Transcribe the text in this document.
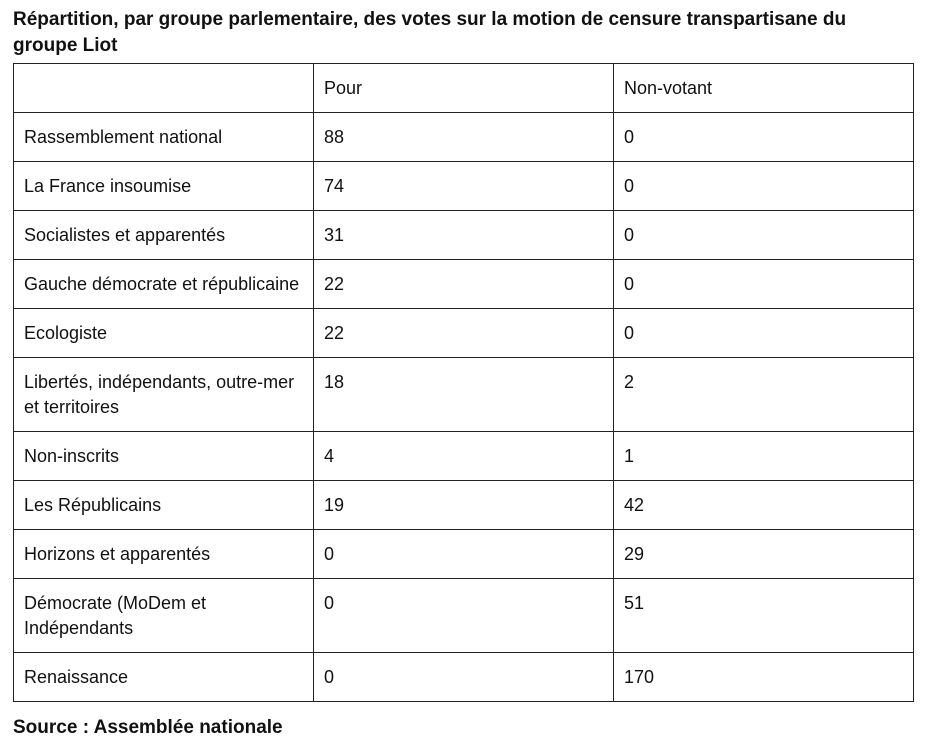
Répartition, par groupe parlementaire, des votes sur la motion de censure transpartisane du groupe Liot
	Pour	Non-votant
Rassemblement national	88	0
La France insoumise	74	0
Socialistes et apparentés	31	0
Gauche démocrate et républicaine	22	0
Ecologiste	22	0
Libertés, indépendants, outre-mer et territoires	18	2
Non-inscrits	4	1
Les Républicains	19	42
Horizons et apparentés	0	29
Démocrate (MoDem et Indépendants	0	51
Renaissance	0	170

Source : Assemblée nationale
